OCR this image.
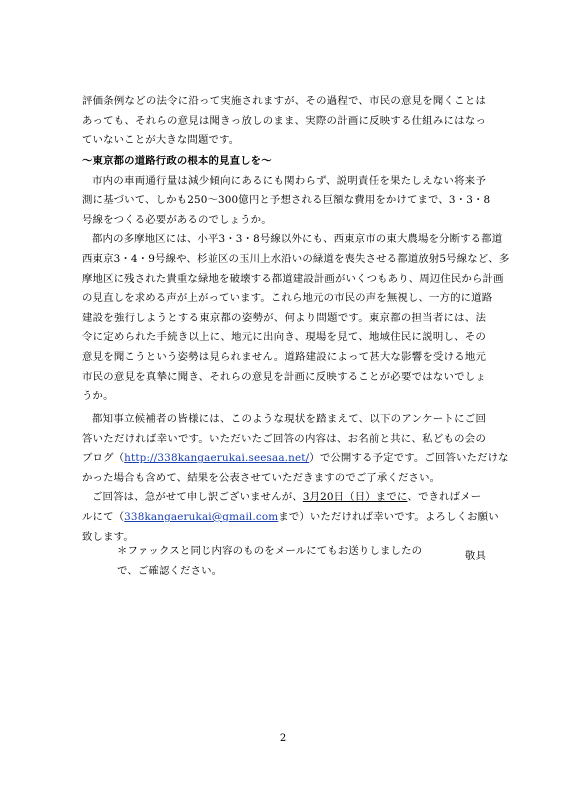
評価条例などの法令に沿って実施されますが、その過程で、市民の意見を聞くことは
あっても、それらの意見は聞きっ放しのまま、実際の計画に反映する仕組みにはなっ
ていないことが大きな問題です。
〜東京都の道路行政の根本的見直しを〜
市内の車両通行量は減少傾向にあるにも関わらず、説明責任を果たしえない将来予
測に基づいて、しかも250〜300億円と予想される巨額な費用をかけてまで、3・3・8
号線をつくる必要があるのでしょうか。
都内の多摩地区には、小平3・3・8号線以外にも、西東京市の東大農場を分断する都道
西東京3・4・9号線や、杉並区の玉川上水沿いの緑道を喪失させる都道放射5号線など、多
摩地区に残された貴重な緑地を破壊する都道建設計画がいくつもあり、周辺住民から計画
の見直しを求める声が上がっています。これら地元の市民の声を無視し、一方的に道路
建設を強行しようとする東京都の姿勢が、何より問題です。東京都の担当者には、法
令に定められた手続き以上に、地元に出向き、現場を見て、地域住民に説明し、その
意見を聞こうという姿勢は見られません。道路建設によって甚大な影響を受ける地元
市民の意見を真摯に聞き、それらの意見を計画に反映することが必要ではないでしょ
うか。
都知事立候補者の皆様には、このような現状を踏まえて、以下のアンケートにご回
答いただければ幸いです。いただいたご回答の内容は、お名前と共に、私どもの会の
ブログ（http://338kangaerukai.seesaa.net/）で公開する予定です。ご回答いただけな
かった場合も含めて、結果を公表させていただきますのでご了承ください。
ご回答は、急がせて申し訳ございませんが、3月20日（日）までに、できればメー
ルにて（338kangaerukai@gmail.comまで）いただければ幸いです。よろしくお願い
致します。
敬具
＊ファックスと同じ内容のものをメールにてもお送りしましたの
で、ご確認ください。
2
